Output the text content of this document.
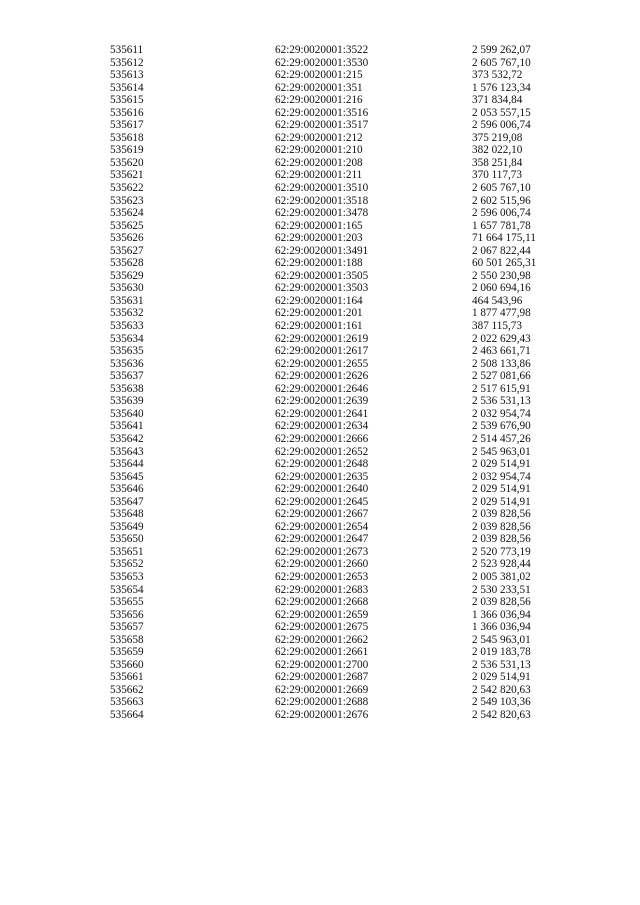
535611	62:29:0020001:3522	2 599 262,07
535612	62:29:0020001:3530	2 605 767,10
535613	62:29:0020001:215	373 532,72
535614	62:29:0020001:351	1 576 123,34
535615	62:29:0020001:216	371 834,84
535616	62:29:0020001:3516	2 053 557,15
535617	62:29:0020001:3517	2 596 006,74
535618	62:29:0020001:212	375 219,08
535619	62:29:0020001:210	382 022,10
535620	62:29:0020001:208	358 251,84
535621	62:29:0020001:211	370 117,73
535622	62:29:0020001:3510	2 605 767,10
535623	62:29:0020001:3518	2 602 515,96
535624	62:29:0020001:3478	2 596 006,74
535625	62:29:0020001:165	1 657 781,78
535626	62:29:0020001:203	71 664 175,11
535627	62:29:0020001:3491	2 067 822,44
535628	62:29:0020001:188	60 501 265,31
535629	62:29:0020001:3505	2 550 230,98
535630	62:29:0020001:3503	2 060 694,16
535631	62:29:0020001:164	464 543,96
535632	62:29:0020001:201	1 877 477,98
535633	62:29:0020001:161	387 115,73
535634	62:29:0020001:2619	2 022 629,43
535635	62:29:0020001:2617	2 463 661,71
535636	62:29:0020001:2655	2 508 133,86
535637	62:29:0020001:2626	2 527 081,66
535638	62:29:0020001:2646	2 517 615,91
535639	62:29:0020001:2639	2 536 531,13
535640	62:29:0020001:2641	2 032 954,74
535641	62:29:0020001:2634	2 539 676,90
535642	62:29:0020001:2666	2 514 457,26
535643	62:29:0020001:2652	2 545 963,01
535644	62:29:0020001:2648	2 029 514,91
535645	62:29:0020001:2635	2 032 954,74
535646	62:29:0020001:2640	2 029 514,91
535647	62:29:0020001:2645	2 029 514,91
535648	62:29:0020001:2667	2 039 828,56
535649	62:29:0020001:2654	2 039 828,56
535650	62:29:0020001:2647	2 039 828,56
535651	62:29:0020001:2673	2 520 773,19
535652	62:29:0020001:2660	2 523 928,44
535653	62:29:0020001:2653	2 005 381,02
535654	62:29:0020001:2683	2 530 233,51
535655	62:29:0020001:2668	2 039 828,56
535656	62:29:0020001:2659	1 366 036,94
535657	62:29:0020001:2675	1 366 036,94
535658	62:29:0020001:2662	2 545 963,01
535659	62:29:0020001:2661	2 019 183,78
535660	62:29:0020001:2700	2 536 531,13
535661	62:29:0020001:2687	2 029 514,91
535662	62:29:0020001:2669	2 542 820,63
535663	62:29:0020001:2688	2 549 103,36
535664	62:29:0020001:2676	2 542 820,63
